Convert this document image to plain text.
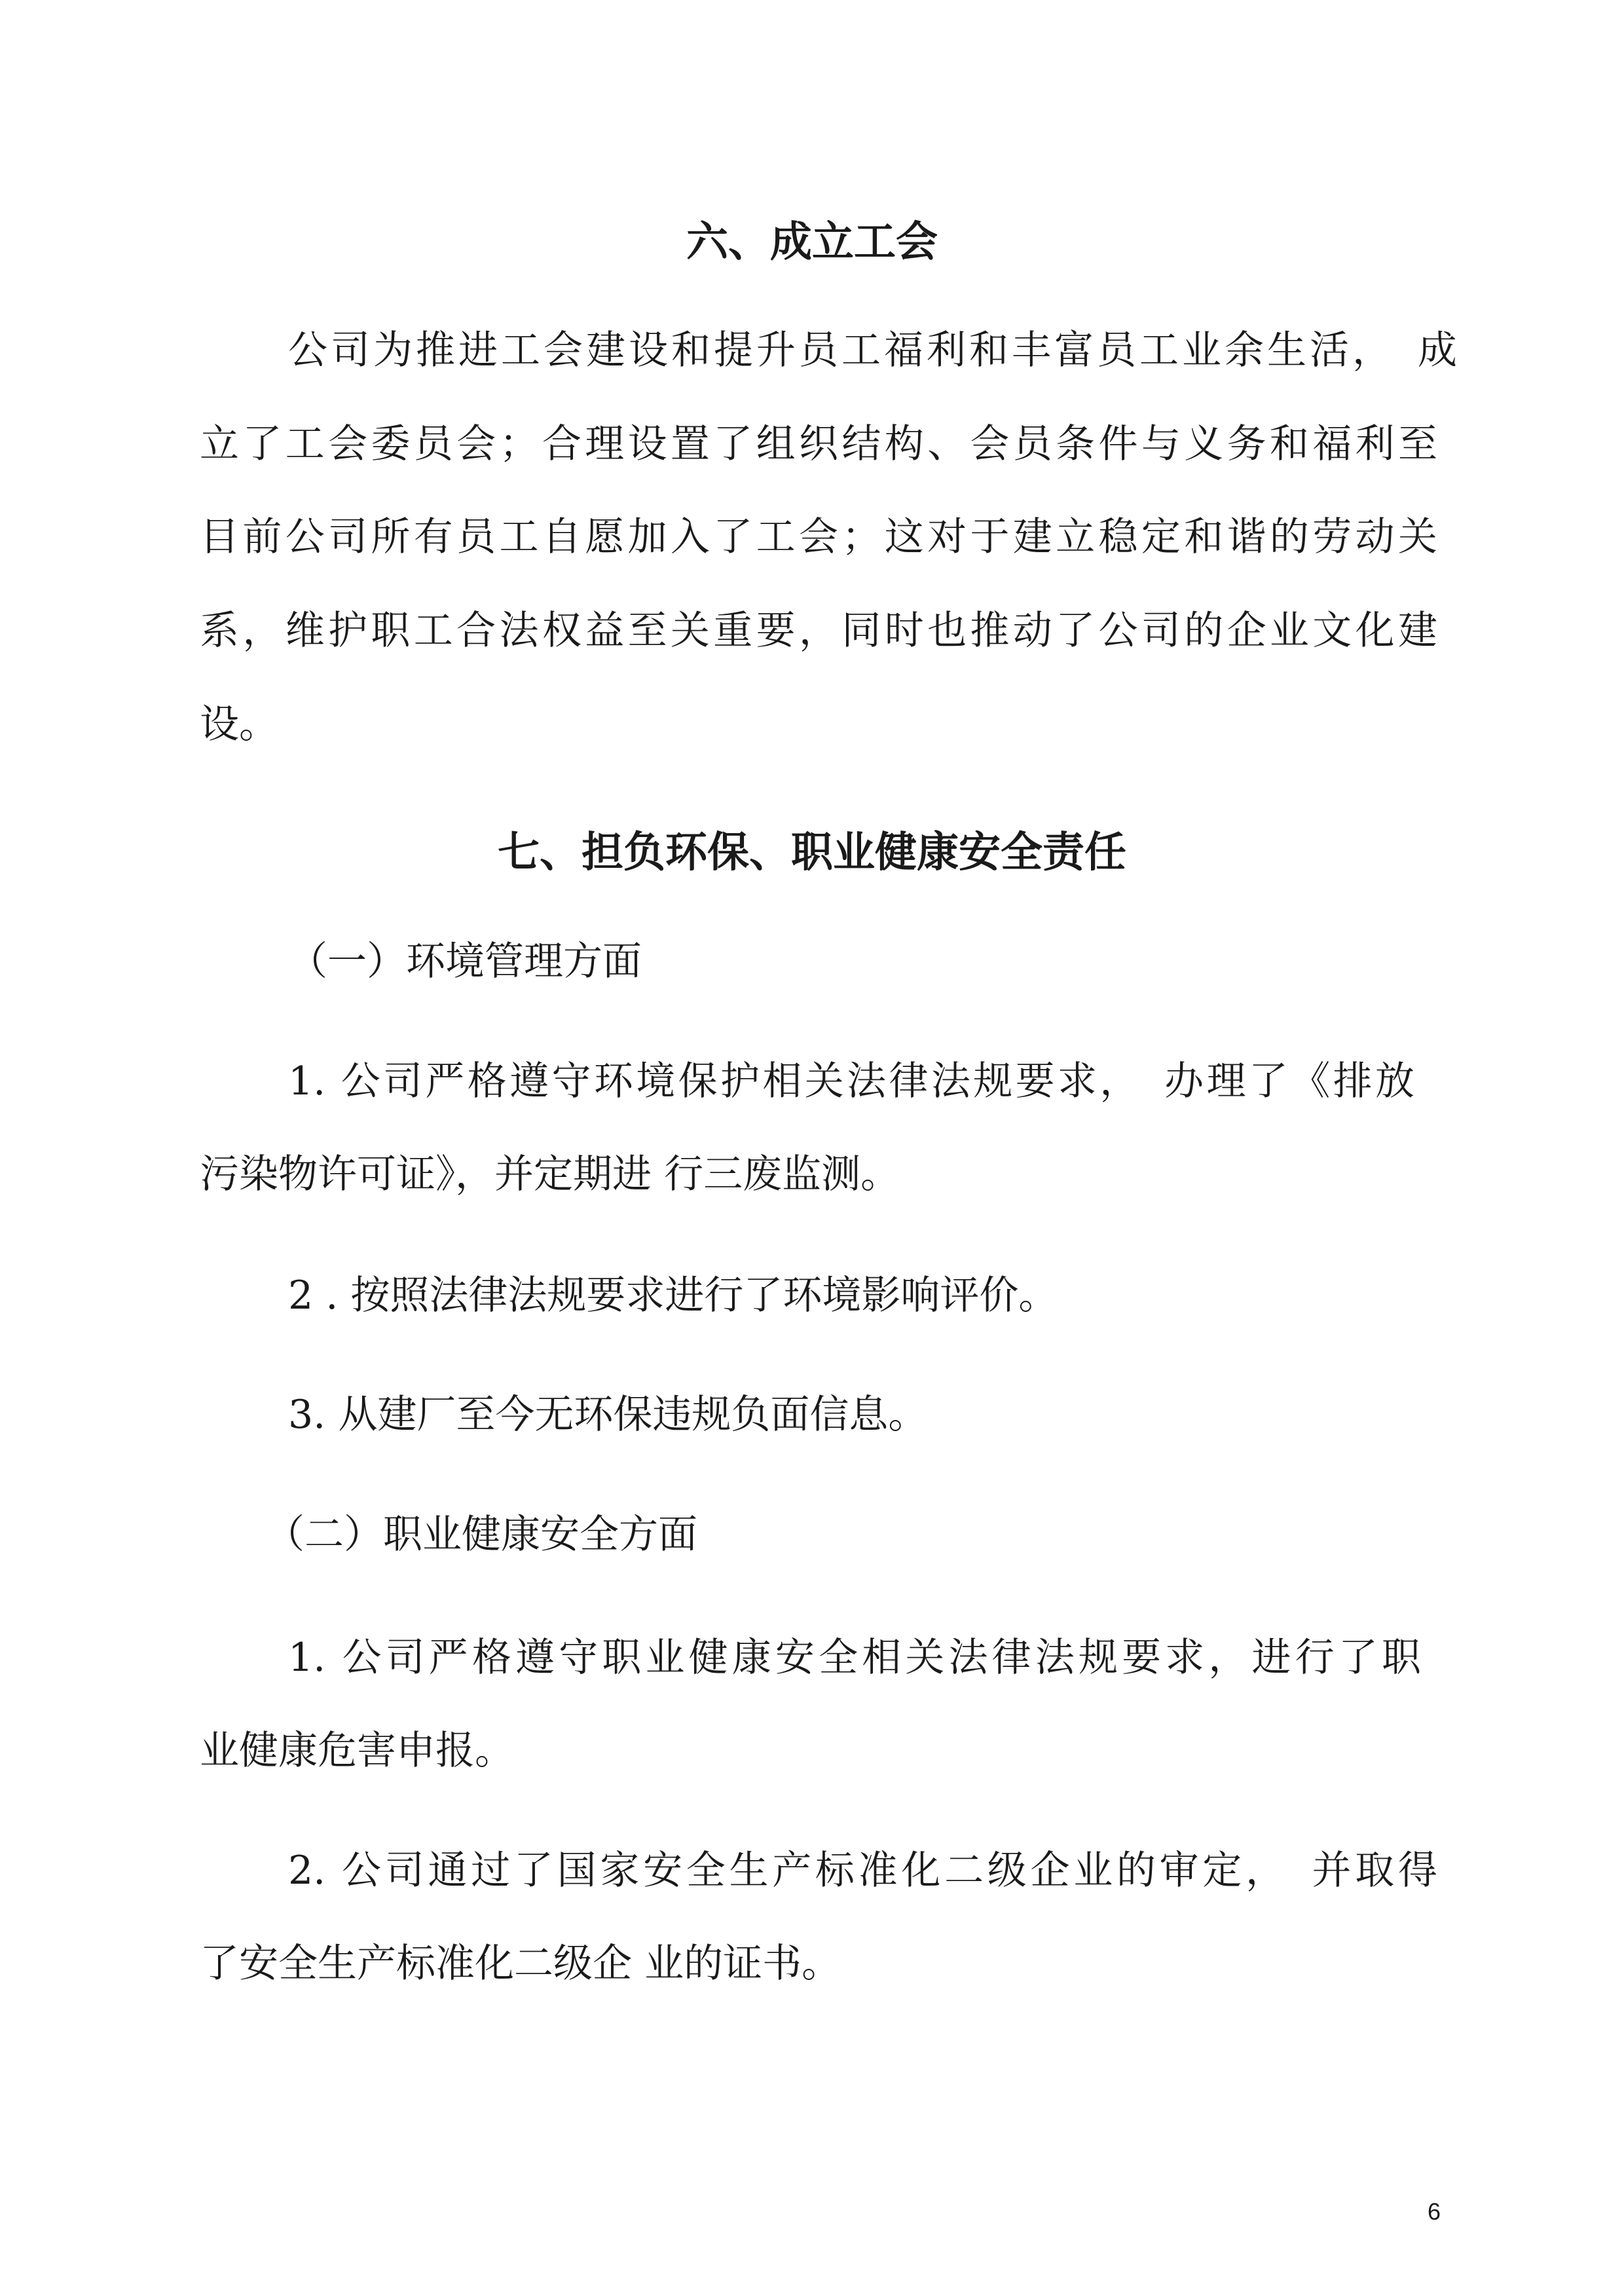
六、成立工会

公司为推进工会建设和提升员工福利和丰富员工业余生活，　成

立了工会委员会；合理设置了组织结构、会员条件与义务和福利至

目前公司所有员工自愿加入了工会；这对于建立稳定和谐的劳动关

系，维护职工合法权益至关重要，同时也推动了公司的企业文化建

设。

七、担负环保、职业健康安全责任

（一）环境管理方面

1. 公司严格遵守环境保护相关法律法规要求，　办理了《排放

污染物许可证》，并定期进 行三废监测。

2 . 按照法律法规要求进行了环境影响评价。

3. 从建厂至今无环保违规负面信息。

（二）职业健康安全方面

1. 公司严格遵守职业健康安全相关法律法规要求，进行了职

业健康危害申报。

2. 公司通过了国家安全生产标准化二级企业的审定，　并取得

了安全生产标准化二级企 业的证书。

6
